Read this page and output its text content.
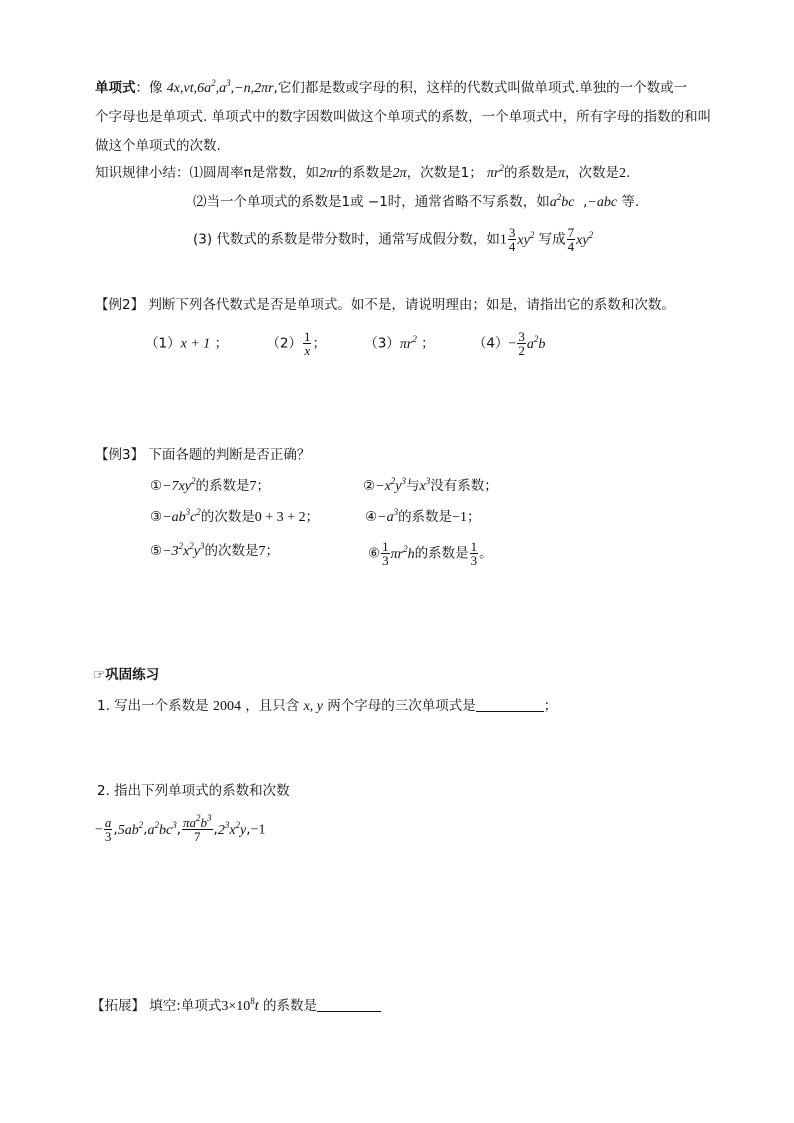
单项式：像 $4x,vt,6a^2,a^3,-n,2\pi r$,它们都是数或字母的积，这样的代数式叫做单项式.单独的一个数或一
个字母也是单项式. 单项式中的数字因数叫做这个单项式的系数，一个单项式中，所有字母的指数的和叫
做这个单项式的次数.
知识规律小结：⑴圆周率π是常数，如2πr的系数是2π，次数是1； $\pi r^2$的系数是π，次数是2.
⑵当一个单项式的系数是1或 −1时，通常省略不写系数，如$a^2bc$  ,−abc 等.
(3) 代数式的系数是带分数时，通常写成假分数，如$1 \frac{3}{4} xy^2$ 写成 $\frac{7}{4} xy^2$
【例2】 判断下列各代数式是否是单项式。如不是，请说明理由；如是，请指出它的系数和次数。
（1）x + 1 ；	$(2) \frac{1}{x}$ ；	$(3)\pi r^2$ ；	$(4)- \frac{3}{2} a^2b$
【例3】 下面各题的判断是否正确？
$①-7xy^2$的系数是7；	$②-x^2y^3$与$x^3$没有系数；
$③-ab^3c^2$的次数是0 + 3 + 2；	$④-a^3$的系数是−1；
$⑤-3^2x^2y^3$的次数是7；	⑥ $\frac{1}{3} \pi r^2h$的系数是 $\frac{1}{3}$ 。
☞巩固练习
1. 写出一个系数是 2004 ，且只含 x, y 两个字母的三次单项式是	；
2. 指出下列单项式的系数和次数
− $\frac{a}{3} ,5ab^2,a^2bc^3$, $\frac{\pi a^2b^3}{7} ,2^3x^2y,-1$
【拓展】 填空:单项式$3\times 10^8t$ 的系数是
